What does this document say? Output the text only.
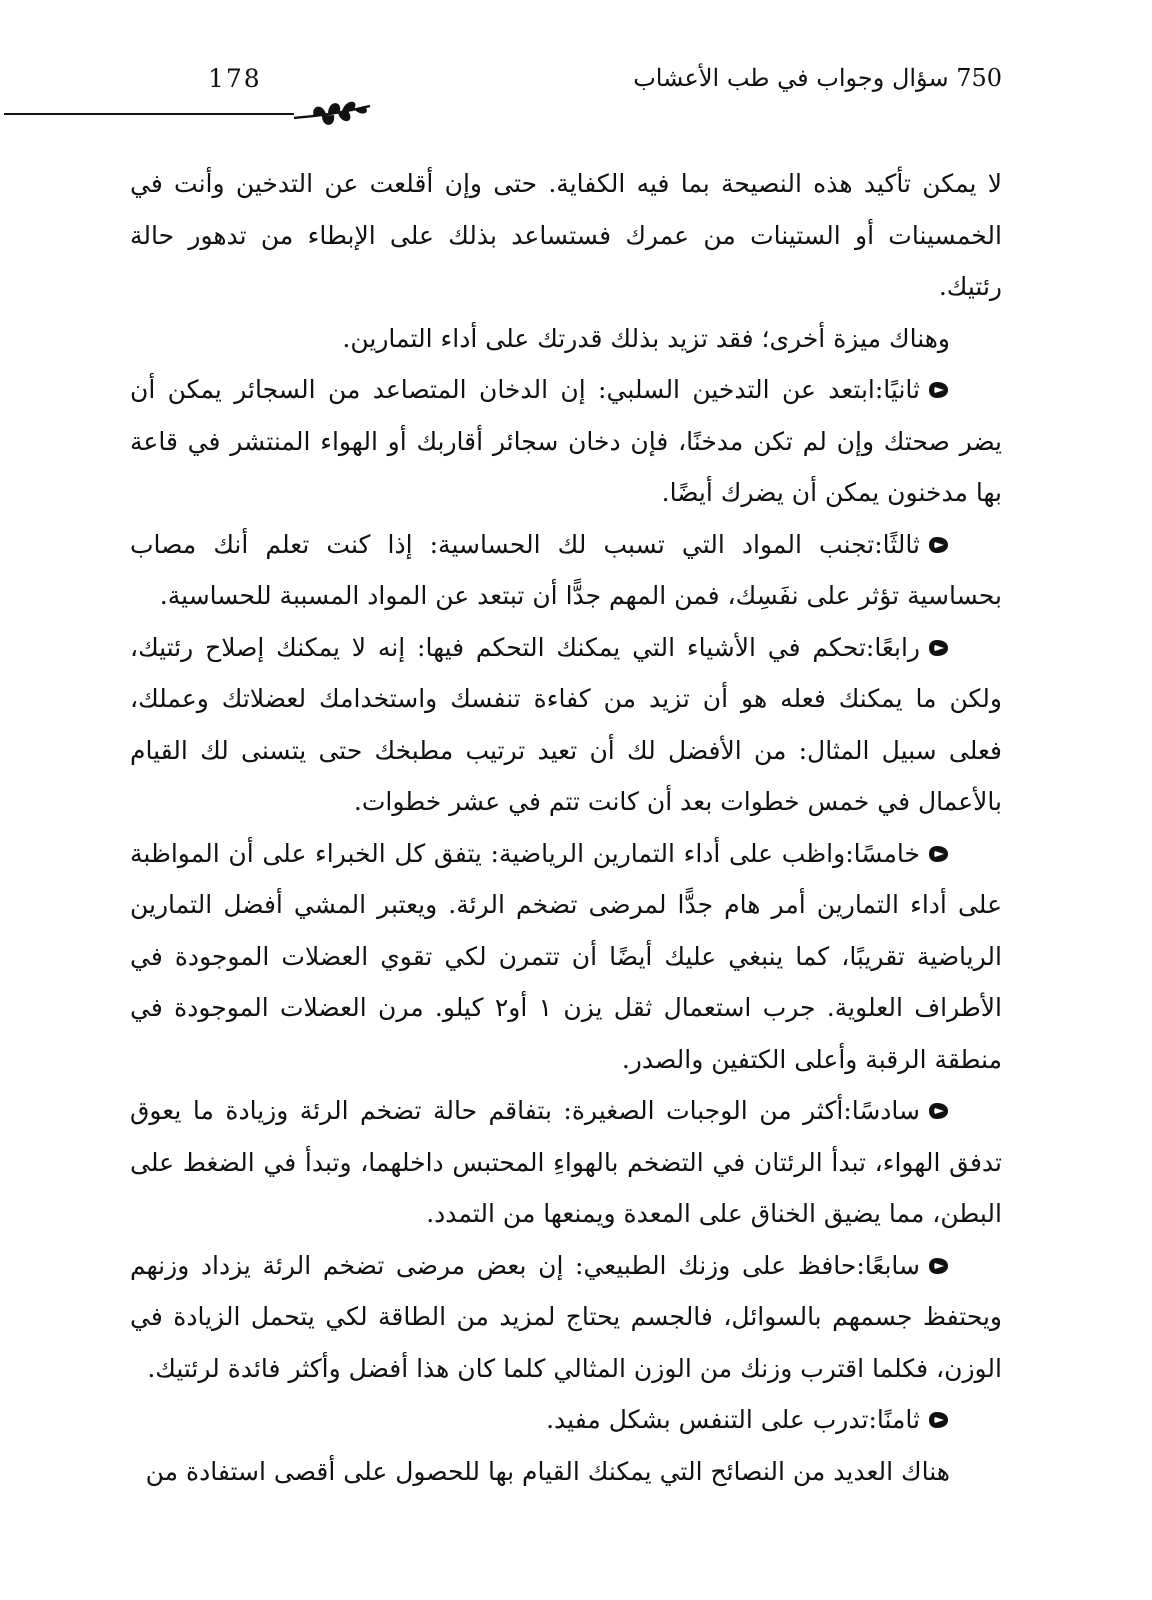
178	750 سؤال وجواب في طب الأعشاب

لا يمكن تأكيد هذه النصيحة بما فيه الكفاية. حتى وإن أقلعت عن التدخين وأنت في الخمسينات أو الستينات من عمرك فستساعد بذلك على الإبطاء من تدهور حالة رئتيك.

وهناك ميزة أخرى؛ فقد تزيد بذلك قدرتك على أداء التمارين.

ثانيًا:ابتعد عن التدخين السلبي: إن الدخان المتصاعد من السجائر يمكن أن يضر صحتك وإن لم تكن مدخنًا، فإن دخان سجائر أقاربك أو الهواء المنتشر في قاعة بها مدخنون يمكن أن يضرك أيضًا.

ثالثًا:تجنب المواد التي تسبب لك الحساسية: إذا كنت تعلم أنك مصاب بحساسية تؤثر على نفَسِك، فمن المهم جدًّا أن تبتعد عن المواد المسببة للحساسية.

رابعًا:تحكم في الأشياء التي يمكنك التحكم فيها: إنه لا يمكنك إصلاح رئتيك، ولكن ما يمكنك فعله هو أن تزيد من كفاءة تنفسك واستخدامك لعضلاتك وعملك، فعلى سبيل المثال: من الأفضل لك أن تعيد ترتيب مطبخك حتى يتسنى لك القيام بالأعمال في خمس خطوات بعد أن كانت تتم في عشر خطوات.

خامسًا:واظب على أداء التمارين الرياضية: يتفق كل الخبراء على أن المواظبة على أداء التمارين أمر هام جدًّا لمرضى تضخم الرئة. ويعتبر المشي أفضل التمارين الرياضية تقريبًا، كما ينبغي عليك أيضًا أن تتمرن لكي تقوي العضلات الموجودة في الأطراف العلوية. جرب استعمال ثقل يزن ١ أو٢ كيلو. مرن العضلات الموجودة في منطقة الرقبة وأعلى الكتفين والصدر.

سادسًا:أكثر من الوجبات الصغيرة: بتفاقم حالة تضخم الرئة وزيادة ما يعوق تدفق الهواء، تبدأ الرئتان في التضخم بالهواءِ المحتبس داخلهما، وتبدأ في الضغط على البطن، مما يضيق الخناق على المعدة ويمنعها من التمدد.

سابعًا:حافظ على وزنك الطبيعي: إن بعض مرضى تضخم الرئة يزداد وزنهم ويحتفظ جسمهم بالسوائل، فالجسم يحتاج لمزيد من الطاقة لكي يتحمل الزيادة في الوزن، فكلما اقترب وزنك من الوزن المثالي كلما كان هذا أفضل وأكثر فائدة لرئتيك.

ثامنًا:تدرب على التنفس بشكل مفيد.

هناك العديد من النصائح التي يمكنك القيام بها للحصول على أقصى استفادة من
